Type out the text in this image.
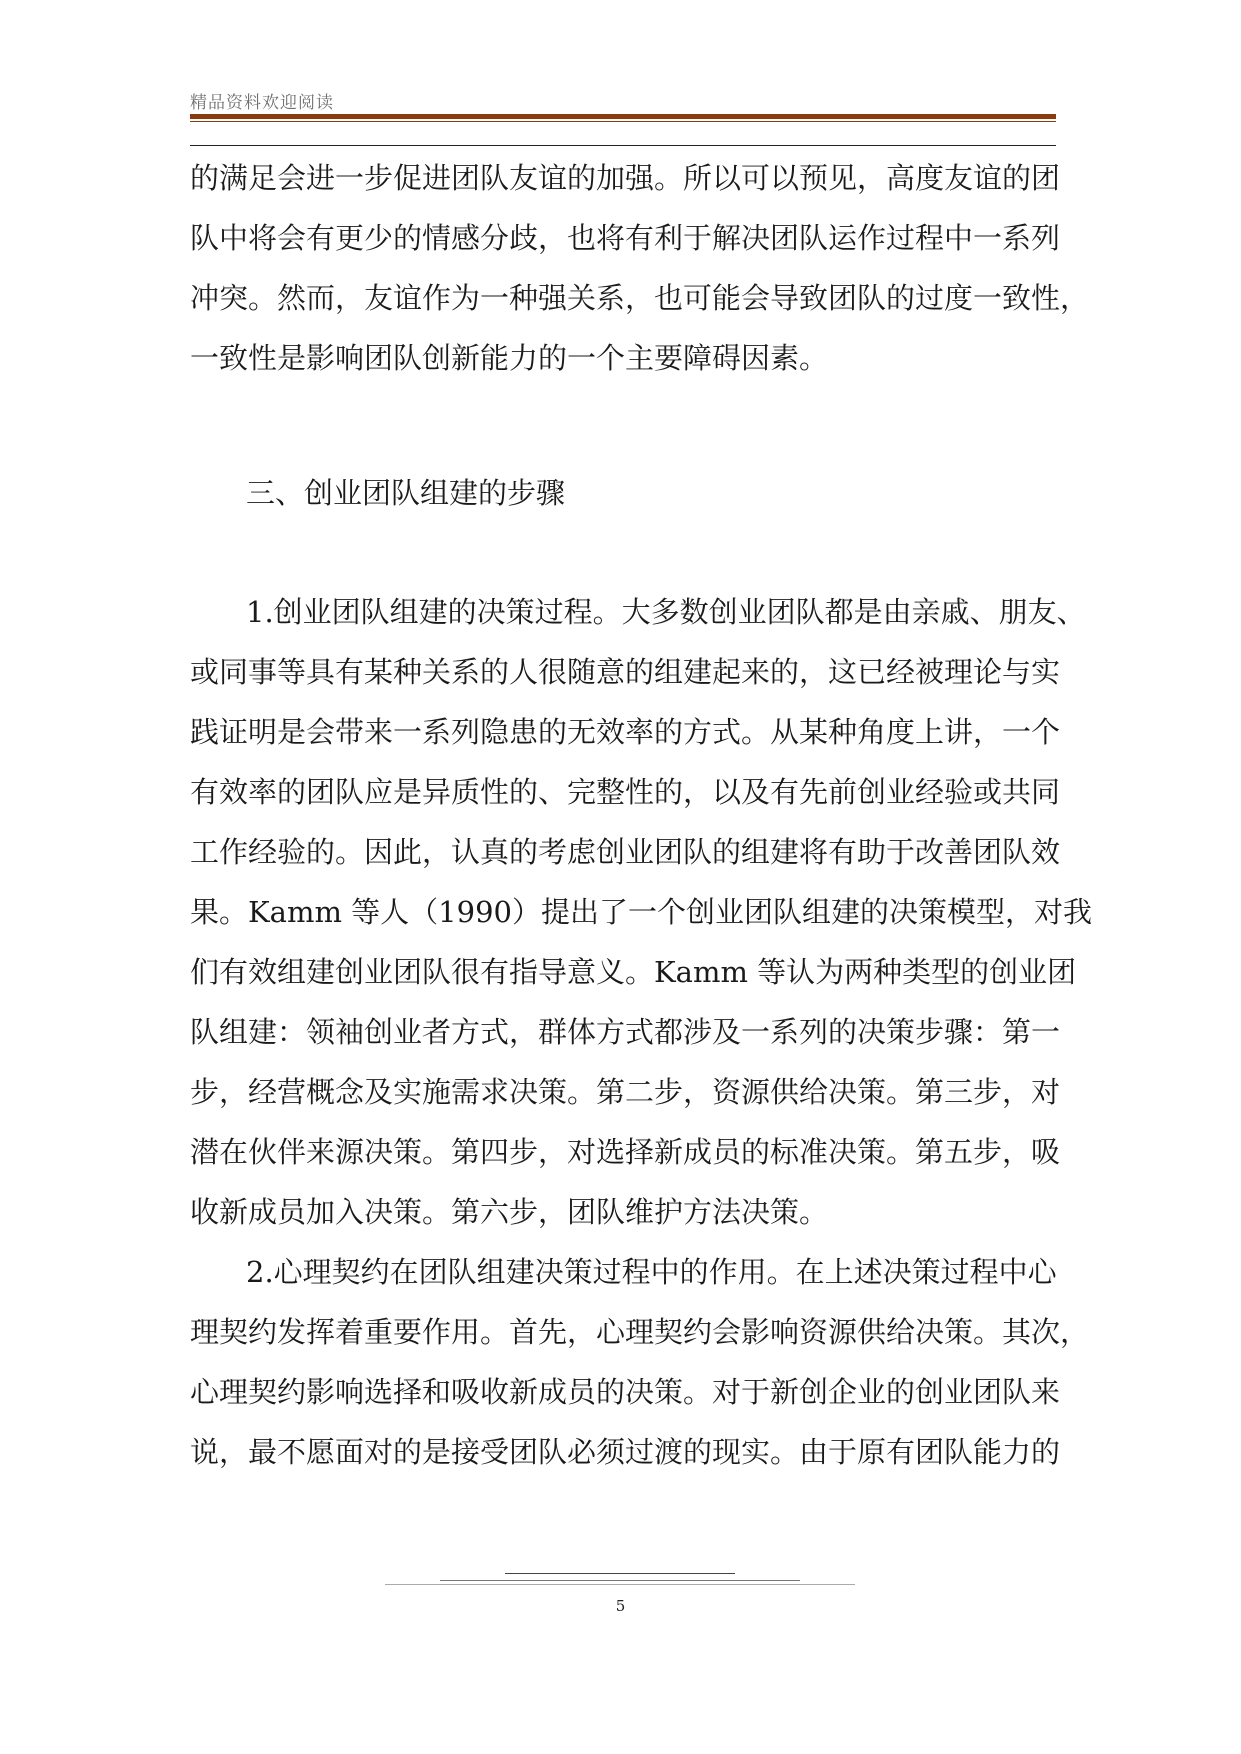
精品资料欢迎阅读
的满足会进一步促进团队友谊的加强。所以可以预见，高度友谊的团
队中将会有更少的情感分歧，也将有利于解决团队运作过程中一系列
冲突。然而，友谊作为一种强关系，也可能会导致团队的过度一致性，
一致性是影响团队创新能力的一个主要障碍因素。
三、创业团队组建的步骤
1.创业团队组建的决策过程。大多数创业团队都是由亲戚、朋友、
或同事等具有某种关系的人很随意的组建起来的，这已经被理论与实
践证明是会带来一系列隐患的无效率的方式。从某种角度上讲，一个
有效率的团队应是异质性的、完整性的，以及有先前创业经验或共同
工作经验的。因此，认真的考虑创业团队的组建将有助于改善团队效
果。Kamm 等人（1990）提出了一个创业团队组建的决策模型，对我
们有效组建创业团队很有指导意义。Kamm 等认为两种类型的创业团
队组建：领袖创业者方式，群体方式都涉及一系列的决策步骤：第一
步，经营概念及实施需求决策。第二步，资源供给决策。第三步，对
潜在伙伴来源决策。第四步，对选择新成员的标准决策。第五步，吸
收新成员加入决策。第六步，团队维护方法决策。
2.心理契约在团队组建决策过程中的作用。在上述决策过程中心
理契约发挥着重要作用。首先，心理契约会影响资源供给决策。其次，
心理契约影响选择和吸收新成员的决策。对于新创企业的创业团队来
说，最不愿面对的是接受团队必须过渡的现实。由于原有团队能力的
5
